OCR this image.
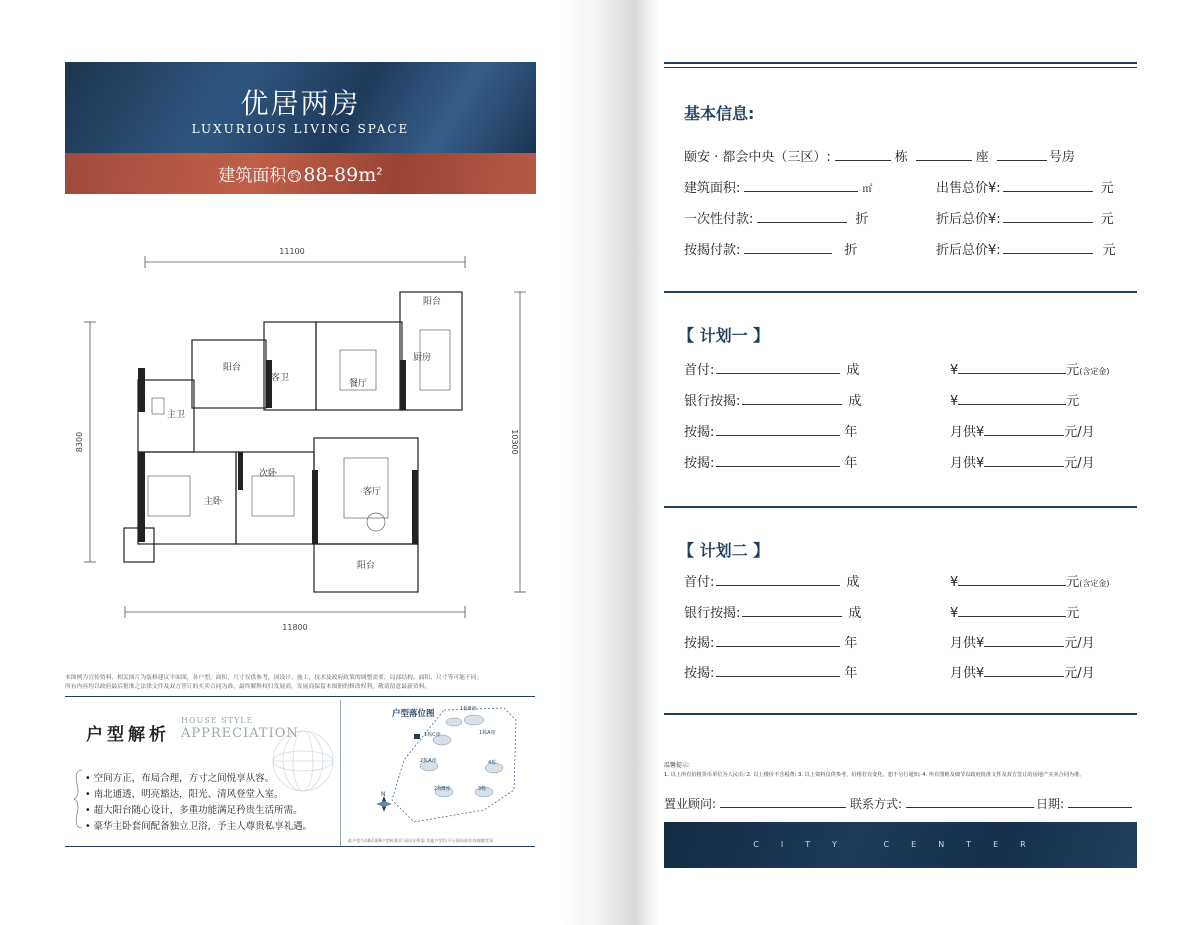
优居两房
LUXURIOUS LIVING SPACE
建筑面积 约 $88-89m^2$
11100
11800
8300	10300
阳台
阳台
客卫
餐厅
厨房
主卫
主卧
次卧
客厅
阳台
本图例为宣传资料，相关图片为装修建议平面图，各户型、面积、尺寸仅供参考，因设计、施工、技术及政府政策的调整需要，局部结构、面积、尺寸等可能不同；
所有内容均以政府最后批准之法律文件及双方签订的买卖合同为准，最终解释权归发展商，发展商保留本图册的修改权利，敬请留意最新资料。
户型解析
HOUSE STYLE
APPRECIATION
• 空间方正，布局合理，方寸之间悦享从容。
• 南北通透，明亮豁达，阳光、清风登堂入室。
• 超大阳台随心设计，多重功能满足矜贵生活所需。
• 豪华主卧套间配备独立卫浴，予主人尊贵私享礼遇。
户型落位图
1栋A座
1栋B座
1栋C座
2栋A座
2栋B座	3栋
4栋
N
此户型为1栋C座B户型标准层 因设计所需 其他户型均不公面局部会有细微差异
基本信息:
颐安 · 都会中央（三区）:	栋	座	号房
建筑面积:	㎡	出售总价¥:	元
一次性付款:	折	折后总价¥:	元
按揭付款:	折	折后总价¥:	元
【 计划一 】
首付:	成	¥	元(含定金)
银行按揭:	成	¥	元
按揭:	年	月供¥	元/月
按揭:	年	月供¥	元/月
【 计划二 】
首付:	成	¥	元(含定金)
银行按揭:	成	¥	元
按揭:	年	月供¥	元/月
按揭:	年	月供¥	元/月
温馨提示:
1. 以上所有价格货币单位为人民币; 2. 以上楼价不含税费; 3. 以上资料仅供参考，价格若有变化，恕不另行通知; 4. 所有图则及细节以政府批准文件及双方签订的房地产买卖合同为准。
置业顾问:	联系方式:	日期:
CITY CENTER
